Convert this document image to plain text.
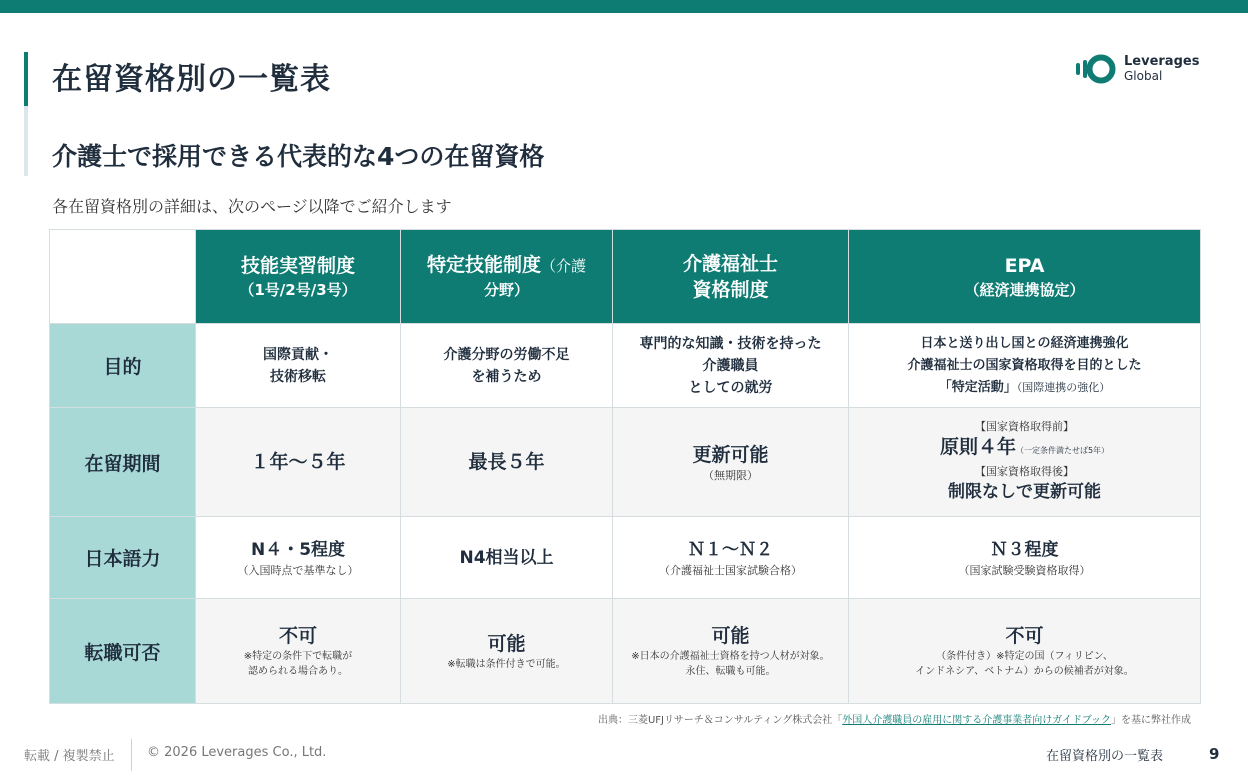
在留資格別の一覧表
介護士で採用できる代表的な4つの在留資格

各在留資格別の詳細は、次のページ以降でご紹介します

Leverages
Global

	技能実習制度
（1号/2号/3号）	特定技能制度（介護
分野）	介護福祉士
資格制度	EPA
（経済連携協定）

目的	国際貢献・
技術移転	介護分野の労働不足
を補うため	専門的な知識・技術を持った
介護職員
としての就労	日本と送り出し国との経済連携強化
介護福祉士の国家資格取得を目的とした
「特定活動」（国際連携の強化）

在留期間	１年〜５年	最長５年	更新可能
（無期限）	【国家資格取得前】
原則４年（一定条件満たせば5年）
【国家資格取得後】
制限なしで更新可能

日本語力	N４・5程度
（入国時点で基準なし）	N4相当以上	Ｎ１〜Ｎ２
（介護福祉士国家試験合格）	Ｎ３程度
（国家試験受験資格取得）

転職可否	不可
※特定の条件下で転職が
認められる場合あり。	可能
※転職は条件付きで可能。	可能
※日本の介護福祉士資格を持つ人材が対象。
永住、転職も可能。	不可
（条件付き）※特定の国（フィリピン、
インドネシア、ベトナム）からの候補者が対象。
出典：三菱UFJリサーチ＆コンサルティング株式会社「外国人介護職員の雇用に関する介護事業者向けガイドブック」を基に弊社作成
転載 / 複製禁止 © 2026 Leverages Co., Ltd.	在留資格別の一覧表	9
